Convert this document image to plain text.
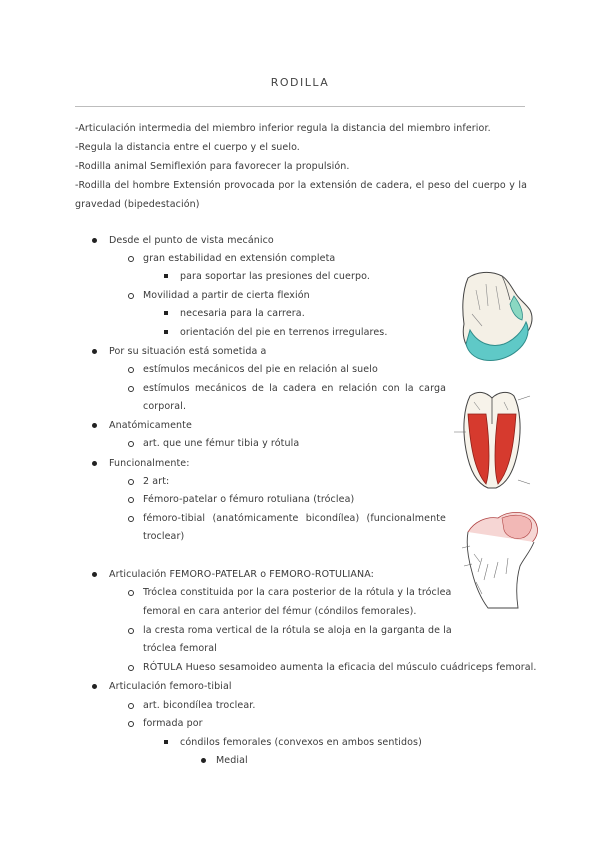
RODILLA
-Articulación intermedia del miembro inferior regula la distancia del miembro inferior.
-Regula la distancia entre el cuerpo y el suelo.
-Rodilla animal Semiflexión para favorecer la propulsión.
-Rodilla del hombre Extensión provocada por la extensión de cadera, el peso del cuerpo y la gravedad (bipedestación)
Desde el punto de vista mecánico
gran estabilidad en extensión completa
para soportar las presiones del cuerpo.
Movilidad a partir de cierta flexión
necesaria para la carrera.
orientación del pie en terrenos irregulares.
Por su situación está sometida a
estímulos mecánicos del pie en relación al suelo
estímulos mecánicos de la cadera en relación con la carga
corporal.
Anatómicamente
art. que une fémur tibia y rótula
Funcionalmente:
2 art:
Fémoro-patelar o fémuro rotuliana (tróclea)
fémoro-tibial (anatómicamente bicondílea) (funcionalmente
troclear)
Articulación FEMORO-PATELAR o FEMORO-ROTULIANA:
Tróclea constituida por la cara posterior de la rótula y la tróclea
femoral en cara anterior del fémur (cóndilos femorales).
la cresta roma vertical de la rótula se aloja en la garganta de la
tróclea femoral
RÓTULA Hueso sesamoideo aumenta la eficacia del músculo cuádriceps femoral.
Articulación femoro-tibial
art. bicondílea troclear.
formada por
cóndilos femorales (convexos en ambos sentidos)
Medial
